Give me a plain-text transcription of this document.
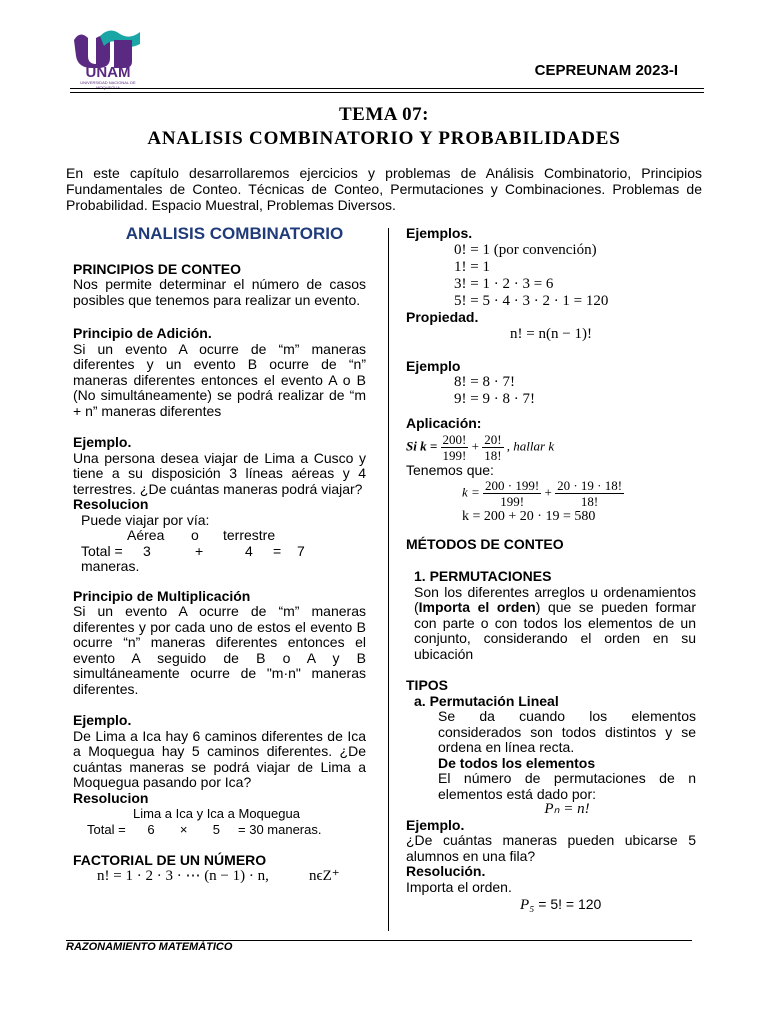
UNAM
UNIVERSIDAD NACIONAL DE MOQUEGUA
CEPREUNAM 2023-I
TEMA 07:
ANALISIS COMBINATORIO Y PROBABILIDADES
En este capítulo desarrollaremos ejercicios y problemas de Análisis Combinatorio, Principios Fundamentales de Conteo. Técnicas de Conteo, Permutaciones y Combinaciones. Problemas de Probabilidad. Espacio Muestral, Problemas Diversos.

ANALISIS COMBINATORIO

PRINCIPIOS DE CONTEO

Nos permite determinar el número de casos posibles que tenemos para realizar un evento.

Principio de Adición.

Si un evento A ocurre de “m” maneras diferentes y un evento B ocurre de “n” maneras diferentes entonces el evento A o B (No simultáneamente) se podrá realizar de “m + n” maneras diferentes

Ejemplo.

Una persona desea viajar de Lima a Cusco y tiene a su disposición 3 líneas aéreas y 4 terrestres. ¿De cuántas maneras podrá viajar?

Resolucion

Puede viajar por vía:

Aérea	o	terrestre
Total =	3	+	4	=	7

maneras.

Principio de Multiplicación

Si un evento A ocurre de “m” maneras diferentes y por cada uno de estos el evento B ocurre “n” maneras diferentes entonces el evento A seguido de B o A y B simultáneamente ocurre de "m·n" maneras diferentes.

Ejemplo.

De Lima a Ica hay 6 caminos diferentes de Ica a Moquegua hay 5 caminos diferentes. ¿De cuántas maneras se podrá viajar de Lima a Moquegua pasando por Ica?

Resolucion

Lima a Ica y Ica a Moquegua

Total =      6       ×       5     = 30 maneras.

FACTORIAL DE UN NÚMERO

n! = 1 · 2 · 3 · ⋯ (n − 1) · n,	nϵZ⁺

Ejemplos.

0! = 1 (por convención)

1! = 1

3! = 1 · 2 · 3 = 6

5! = 5 · 4 · 3 · 2 · 1 = 120

Propiedad.

n! = n(n − 1)!

Ejemplo

8! = 8 · 7!

9! = 9 · 8 · 7!

Aplicación:

Si $k = \frac{200!}{199!} + \frac{20!}{18!}$ , hallar k

Tenemos que:

$k = \frac{200 \cdot 199!}{199!} + \frac{20 \cdot 19 \cdot 18!}{18!}$

k = 200 + 20 · 19 = 580

MÉTODOS DE CONTEO

1. PERMUTACIONES

Son los diferentes arreglos u ordenamientos (Importa el orden) que se pueden formar con parte o con todos los elementos de un conjunto, considerando el orden en su ubicación

TIPOS

a. Permutación Lineal

Se da cuando los elementos considerados son todos distintos y se ordena en línea recta.

De todos los elementos

El número de permutaciones de n elementos está dado por:

Pₙ = n!

Ejemplo.

¿De cuántas maneras pueden ubicarse 5 alumnos en una fila?

Resolución.

Importa el orden.

P₅ = 5! = 120

RAZONAMIENTO MATEMÁTICO
